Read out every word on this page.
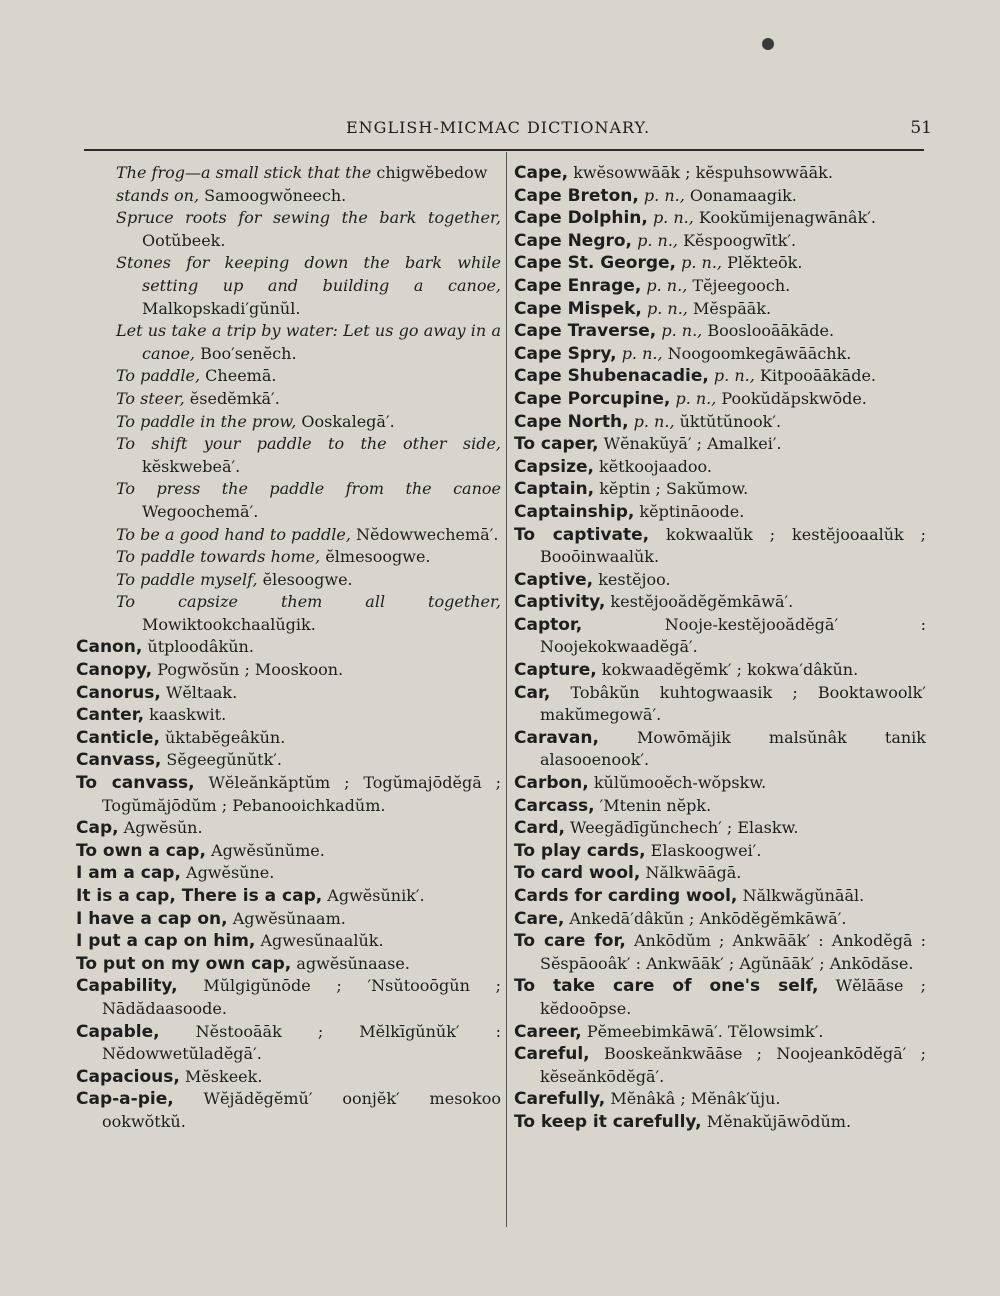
ENGLISH-MICMAC DICTIONARY.	51
The frog—a small stick that the chigwĕbedow
stands on, Samoogwŏneech.
Spruce roots for sewing the bark together, Ootŭbeek.
Stones for keeping down the bark while setting up and building a canoe, Malkopskadi′gŭnŭl.
Let us take a trip by water: Let us go away in a canoe, Boo′senĕch.
To paddle, Cheemā.
To steer, ĕsedĕmkā′.
To paddle in the prow, Ooskalegā′.
To shift your paddle to the other side, kĕskwebeā′.
To press the paddle from the canoe Wegoochemā′.
To be a good hand to paddle, Nĕdowwechemā′.
To paddle towards home, ĕlmesoogwe.
To paddle myself, ĕlesoogwe.
To capsize them all together, Mowiktookchaalŭgik.
Canon, ŭtploodâkŭn.
Canopy, Pogwŏsŭn ; Mooskoon.
Canorus, Wĕltaak.
Canter, kaaskwit.
Canticle, ŭktabĕgeâkŭn.
Canvass, Sĕgeegŭnŭtk′.
To canvass, Wĕleănkăptŭm ; Togŭmajōdĕgā ; Togŭmăjōdŭm ; Pebanooichkadŭm.
Cap, Agwĕsŭn.
To own a cap, Agwĕsŭnŭme.
I am a cap, Agwĕsŭne.
It is a cap, There is a cap, Agwĕsŭnik′.
I have a cap on, Agwĕsŭnaam.
I put a cap on him, Agwesŭnaalŭk.
To put on my own cap, agwĕsŭnaase.
Capability, Mŭlgigŭnōde ; ′Nsŭtooōgŭn ; Nādădaasoode.
Capable, Nĕstooāāk ; Mĕlkīgŭnŭk′ : Nĕdowwetŭladĕgā′.
Capacious, Mĕskeek.
Cap-a-pie, Wĕjădĕgĕmŭ′ oonjĕk′ mesokoo ookwŏtkŭ.
Cape, kwĕsowwāāk ; kĕspuhsowwāāk.
Cape Breton, p. n., Oonamaagik.
Cape Dolphin, p. n., Kookŭmijenagwānâk′.
Cape Negro, p. n., Kĕspoogwītk′.
Cape St. George, p. n., Plĕkteōk.
Cape Enrage, p. n., Tĕjeegooch.
Cape Mispek, p. n., Mĕspāāk.
Cape Traverse, p. n., Booslooāākāde.
Cape Spry, p. n., Noogoomkegāwāāchk.
Cape Shubenacadie, p. n., Kitpooāākāde.
Cape Porcupine, p. n., Pookŭdăpskwōde.
Cape North, p. n., ŭktŭtŭnook′.
To caper, Wĕnakŭyā′ ; Amalkei′.
Capsize, kĕtkoojaadoo.
Captain, kĕptin ; Sakŭmow.
Captainship, kĕptināoode.
To captivate, kokwaalŭk ; kestĕjooaalŭk ; Booōinwaalŭk.
Captive, kestĕjoo.
Captivity, kestĕjooădĕgĕmkāwā′.
Captor, Nooje-kestĕjooădĕgā′ : Noojekokwaadĕgā′.
Capture, kokwaadĕgĕmk′ ; kokwa′dâkŭn.
Car, Tobâkŭn kuhtogwaasik ; Booktawoolk′ makŭmegowā′.
Caravan, Mowōmăjik malsŭnâk tanik alasooenook′.
Carbon, kŭlŭmooĕch-wŏpskw.
Carcass, ′Mtenin nĕpk.
Card, Weegădīgŭnchech′ ; Elaskw.
To play cards, Elaskoogwei′.
To card wool, Nălkwāāgā.
Cards for carding wool, Nălkwăgŭnāāl.
Care, Ankedā′dâkŭn ; Ankōdĕgĕmkāwā′.
To care for, Ankōdŭm ; Ankwāāk′ : Ankodĕgā : Sĕspāooâk′ : Ankwāāk′ ; Agŭnāāk′ ; Ankōdăse.
To take care of one's self, Wĕlāāse ; kĕdooōpse.
Career, Pĕmeebimkāwā′. Tĕlowsimk′.
Careful, Booskeănkwāāse ; Noojeankōdĕgā′ ; kĕseănkōdĕgā′.
Carefully, Mĕnâkâ ; Mĕnâk′ŭju.
To keep it carefully, Mĕnakŭjāwōdŭm.
